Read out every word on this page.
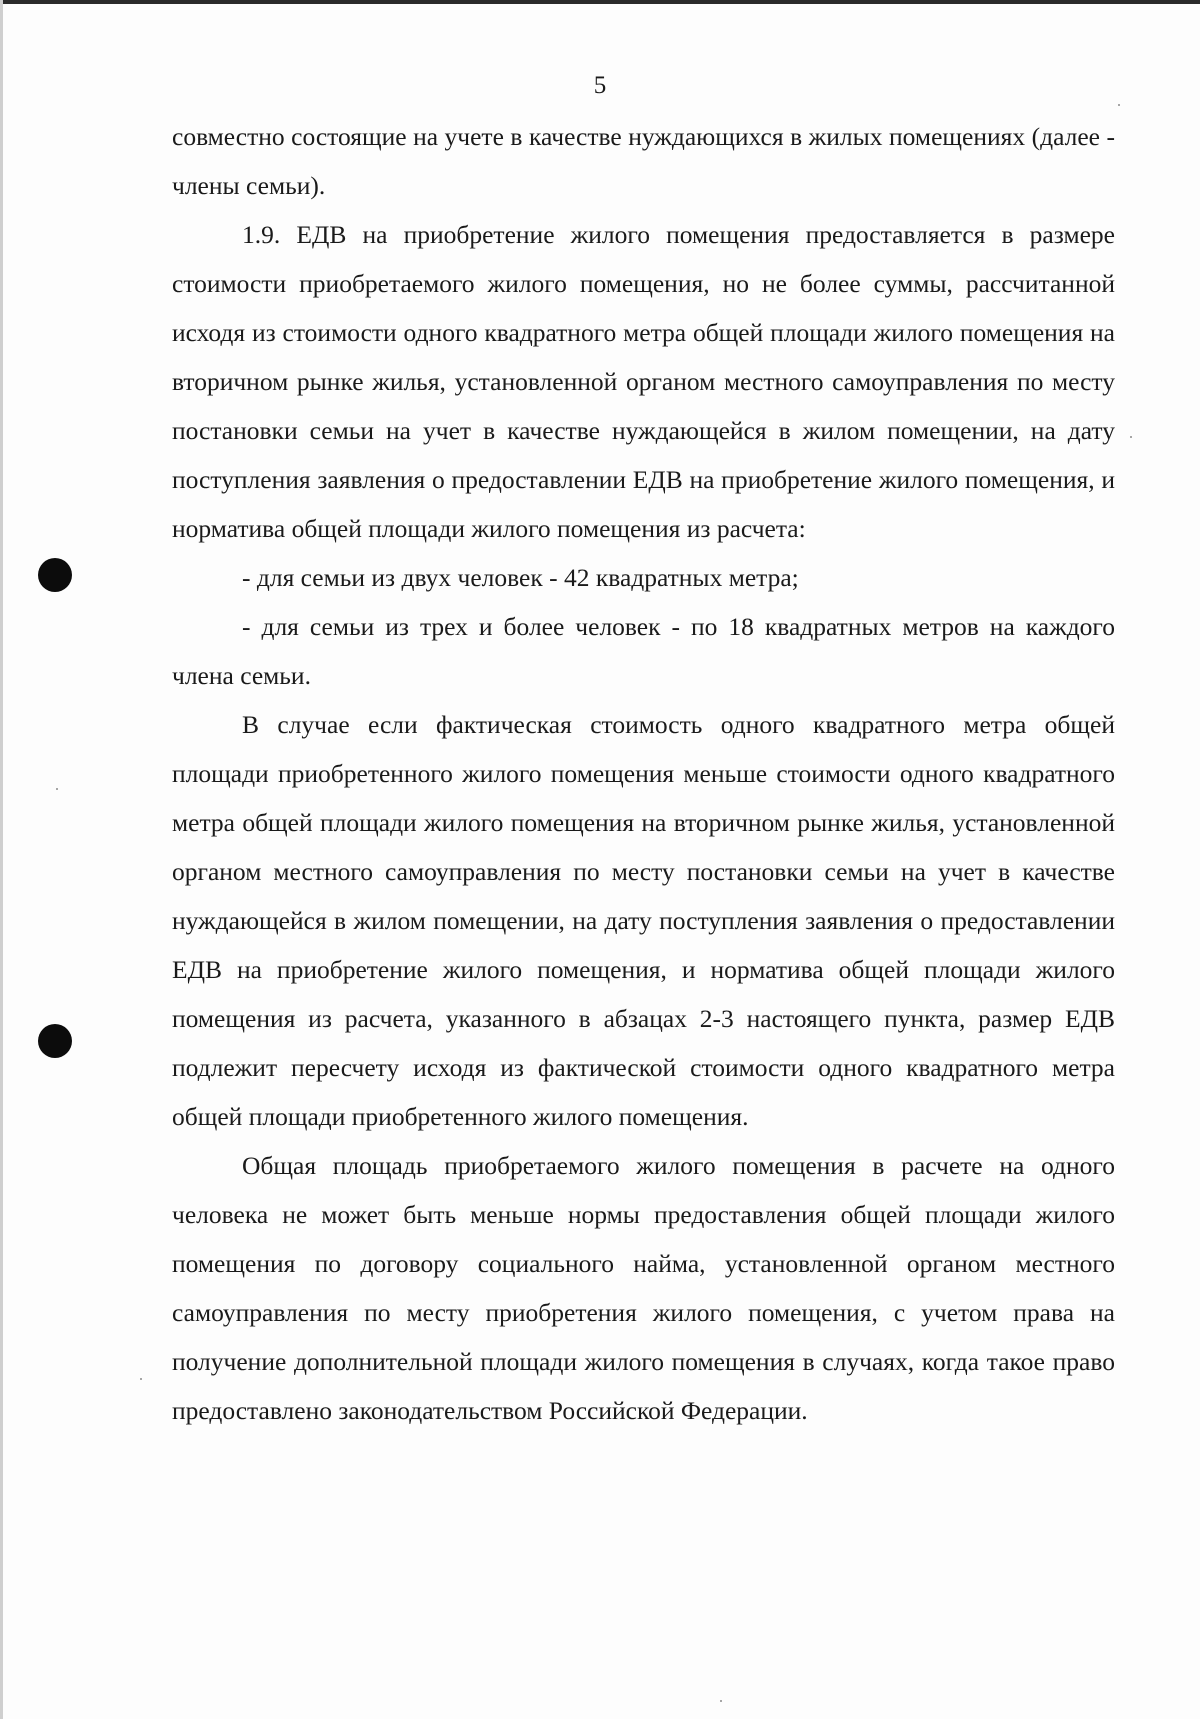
5

совместно состоящие на учете в качестве нуждающихся в жилых помещениях (далее - члены семьи).

1.9. ЕДВ на приобретение жилого помещения предоставляется в размере стоимости приобретаемого жилого помещения, но не более суммы, рассчитанной исходя из стоимости одного квадратного метра общей площади жилого помещения на вторичном рынке жилья, установленной органом местного самоуправления по месту постановки семьи на учет в качестве нуждающейся в жилом помещении, на дату поступления заявления о предоставлении ЕДВ на приобретение жилого помещения, и норматива общей площади жилого помещения из расчета:

- для семьи из двух человек - 42 квадратных метра;

- для семьи из трех и более человек - по 18 квадратных метров на каждого члена семьи.

В случае если фактическая стоимость одного квадратного метра общей площади приобретенного жилого помещения меньше стоимости одного квадратного метра общей площади жилого помещения на вторичном рынке жилья, установленной органом местного самоуправления по месту постановки семьи на учет в качестве нуждающейся в жилом помещении, на дату поступления заявления о предоставлении ЕДВ на приобретение жилого помещения, и норматива общей площади жилого помещения из расчета, указанного в абзацах 2-3 настоящего пункта, размер ЕДВ подлежит пересчету исходя из фактической стоимости одного квадратного метра общей площади приобретенного жилого помещения.

Общая площадь приобретаемого жилого помещения в расчете на одного человека не может быть меньше нормы предоставления общей площади жилого помещения по договору социального найма, установленной органом местного самоуправления по месту приобретения жилого помещения, с учетом права на получение дополнительной площади жилого помещения в случаях, когда такое право предоставлено законодательством Российской Федерации.
